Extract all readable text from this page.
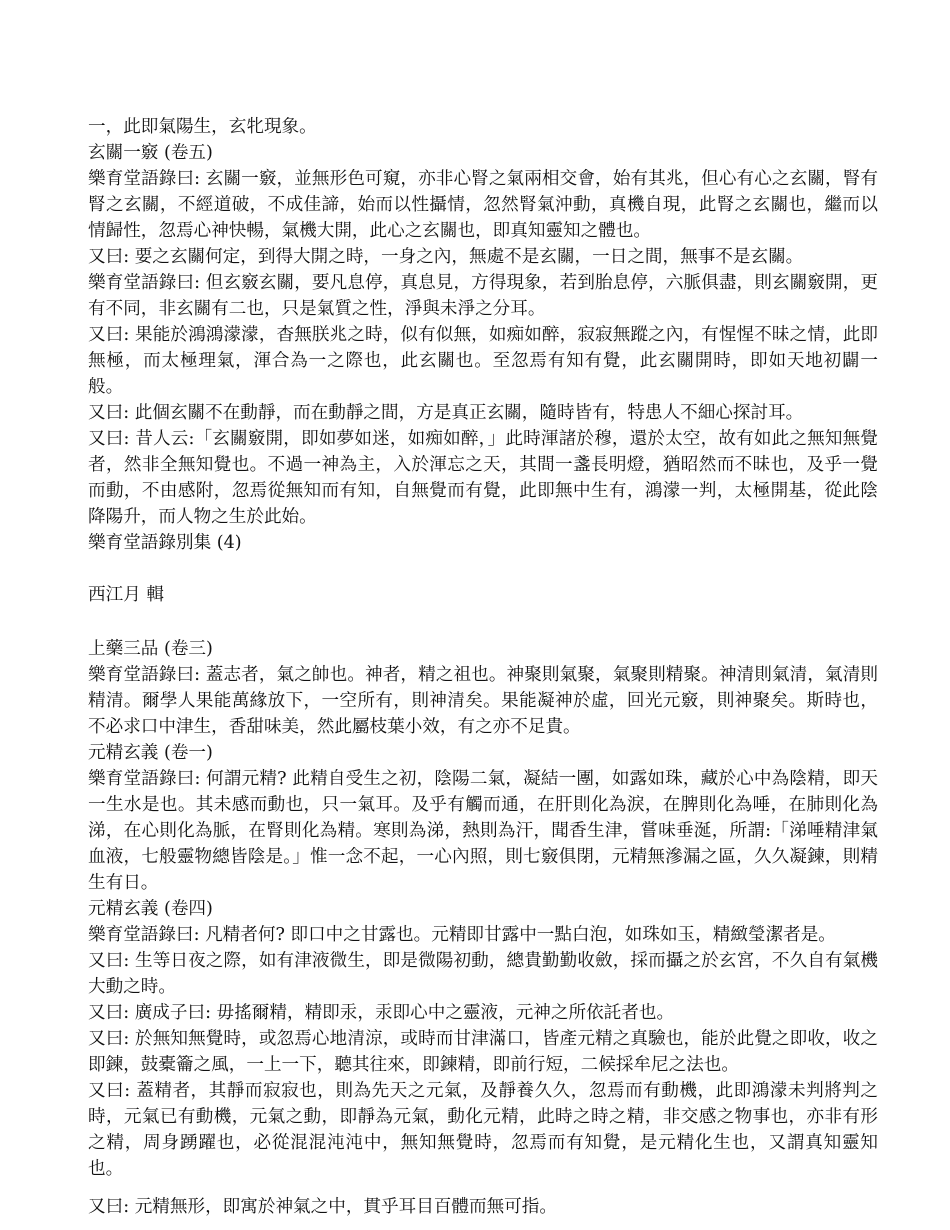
一，此即氣陽生，玄牝現象。

玄關一竅 (卷五)

樂育堂語錄曰: 玄關一竅，並無形色可窺，亦非心腎之氣兩相交會，始有其兆，但心有心之玄關，腎有腎之玄關，不經道破，不成佳諦，始而以性攝情，忽然腎氣沖動，真機自現，此腎之玄關也，繼而以情歸性，忽焉心神快暢，氣機大開，此心之玄關也，即真知靈知之體也。

又曰: 要之玄關何定，到得大開之時，一身之內，無處不是玄關，一日之間，無事不是玄關。

樂育堂語錄曰: 但玄竅玄關，要凡息停，真息見，方得現象，若到胎息停，六脈俱盡，則玄關竅開，更有不同，非玄關有二也，只是氣質之性，淨與未淨之分耳。

又曰: 果能於鴻鴻濛濛，杳無朕兆之時，似有似無，如痴如醉，寂寂無蹤之內，有惺惺不昧之情，此即無極，而太極理氣，渾合為一之際也，此玄關也。至忽焉有知有覺，此玄關開時，即如天地初闢一般。

又曰: 此個玄關不在動靜，而在動靜之間，方是真正玄關，隨時皆有，特患人不細心探討耳。

又曰: 昔人云:「玄關竅開，即如夢如迷，如痴如醉，」此時渾諸於穆，還於太空，故有如此之無知無覺者，然非全無知覺也。不過一神為主，入於渾忘之天，其間一盞長明燈，猶昭然而不昧也，及乎一覺而動，不由感附，忽焉從無知而有知，自無覺而有覺，此即無中生有，鴻濛一判，太極開基，從此陰降陽升，而人物之生於此始。

樂育堂語錄別集 (4)

西江月 輯

上藥三品 (卷三)

樂育堂語錄曰: 蓋志者，氣之帥也。神者，精之祖也。神聚則氣聚，氣聚則精聚。神清則氣清，氣清則精清。爾學人果能萬緣放下，一空所有，則神清矣。果能凝神於虛，回光元竅，則神聚矣。斯時也，不必求口中津生，香甜味美，然此屬枝葉小效，有之亦不足貴。

元精玄義 (卷一)

樂育堂語錄曰: 何謂元精? 此精自受生之初，陰陽二氣，凝結一團，如露如珠，藏於心中為陰精，即天一生水是也。其未感而動也，只一氣耳。及乎有觸而通，在肝則化為淚，在脾則化為唾，在肺則化為涕，在心則化為脈，在腎則化為精。寒則為涕，熱則為汗，聞香生津，嘗味垂涎，所謂:「涕唾精津氣血液，七般靈物總皆陰是。」惟一念不起，一心內照，則七竅俱閉，元精無滲漏之區，久久凝鍊，則精生有日。

元精玄義 (卷四)

樂育堂語錄曰: 凡精者何? 即口中之甘露也。元精即甘露中一點白泡，如珠如玉，精緻瑩潔者是。

又曰: 生等日夜之際，如有津液微生，即是微陽初動，總貴勤勤收斂，採而攝之於玄宮，不久自有氣機大動之時。

又曰: 廣成子曰: 毋搖爾精，精即汞，汞即心中之靈液，元神之所依託者也。

又曰: 於無知無覺時，或忽焉心地清涼，或時而甘津滿口，皆產元精之真驗也，能於此覺之即收，收之即鍊，鼓橐籥之風，一上一下，聽其往來，即鍊精，即前行短，二候採牟尼之法也。

又曰: 蓋精者，其靜而寂寂也，則為先天之元氣，及靜養久久，忽焉而有動機，此即鴻濛未判將判之時，元氣已有動機，元氣之動，即靜為元氣，動化元精，此時之時之精，非交感之物事也，亦非有形之精，周身踴躍也，必從混混沌沌中，無知無覺時，忽焉而有知覺，是元精化生也，又謂真知靈知也。

又曰: 元精無形，即寓於神氣之中，貫乎耳目百體而無可指。
